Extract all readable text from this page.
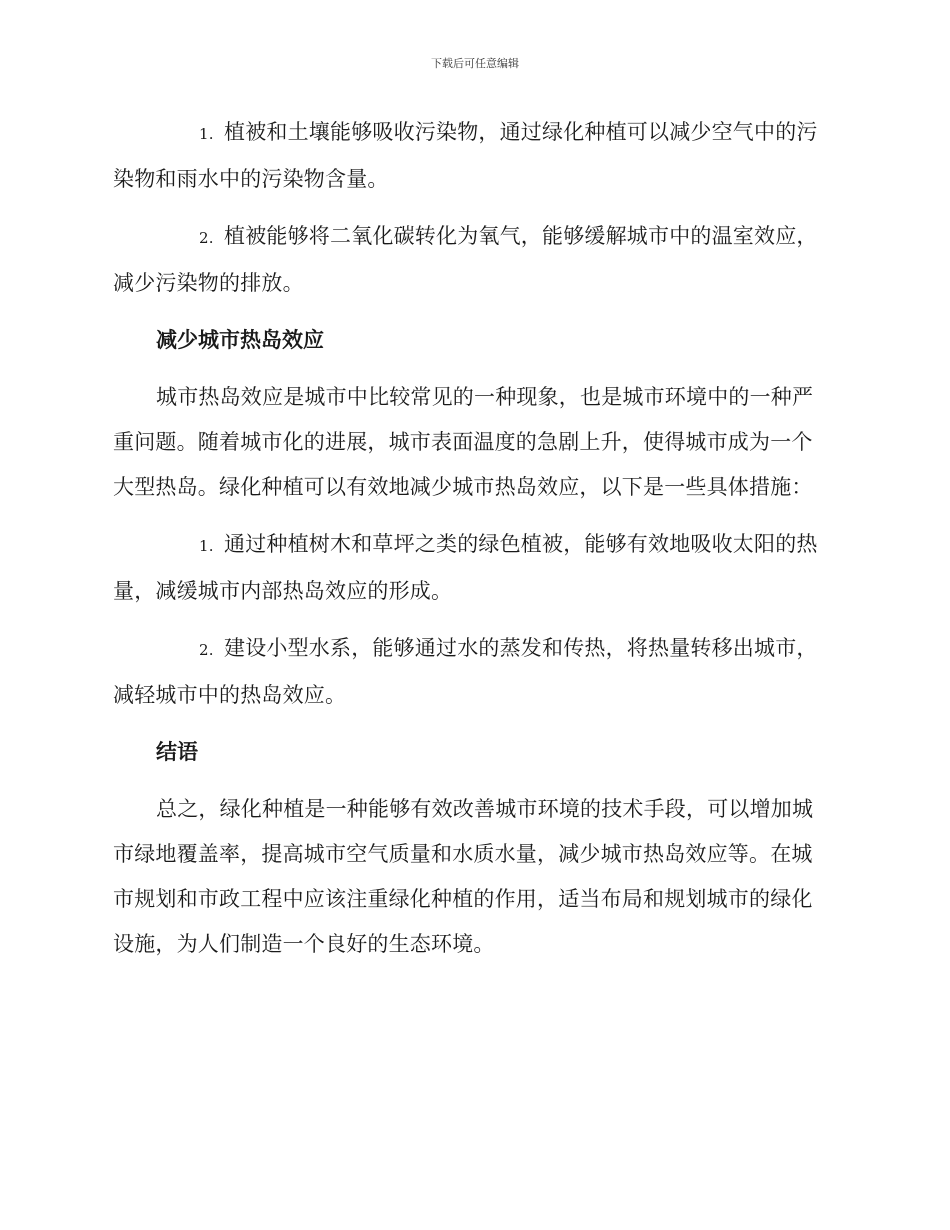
下载后可任意编辑

1. 植被和土壤能够吸收污染物，通过绿化种植可以减少空气中的污染物和雨水中的污染物含量。

2. 植被能够将二氧化碳转化为氧气，能够缓解城市中的温室效应，减少污染物的排放。

减少城市热岛效应

城市热岛效应是城市中比较常见的一种现象，也是城市环境中的一种严重问题。随着城市化的进展，城市表面温度的急剧上升，使得城市成为一个大型热岛。绿化种植可以有效地减少城市热岛效应，以下是一些具体措施：

1. 通过种植树木和草坪之类的绿色植被，能够有效地吸收太阳的热量，减缓城市内部热岛效应的形成。

2. 建设小型水系，能够通过水的蒸发和传热，将热量转移出城市，减轻城市中的热岛效应。

结语

总之，绿化种植是一种能够有效改善城市环境的技术手段，可以增加城市绿地覆盖率，提高城市空气质量和水质水量，减少城市热岛效应等。在城市规划和市政工程中应该注重绿化种植的作用，适当布局和规划城市的绿化设施，为人们制造一个良好的生态环境。
